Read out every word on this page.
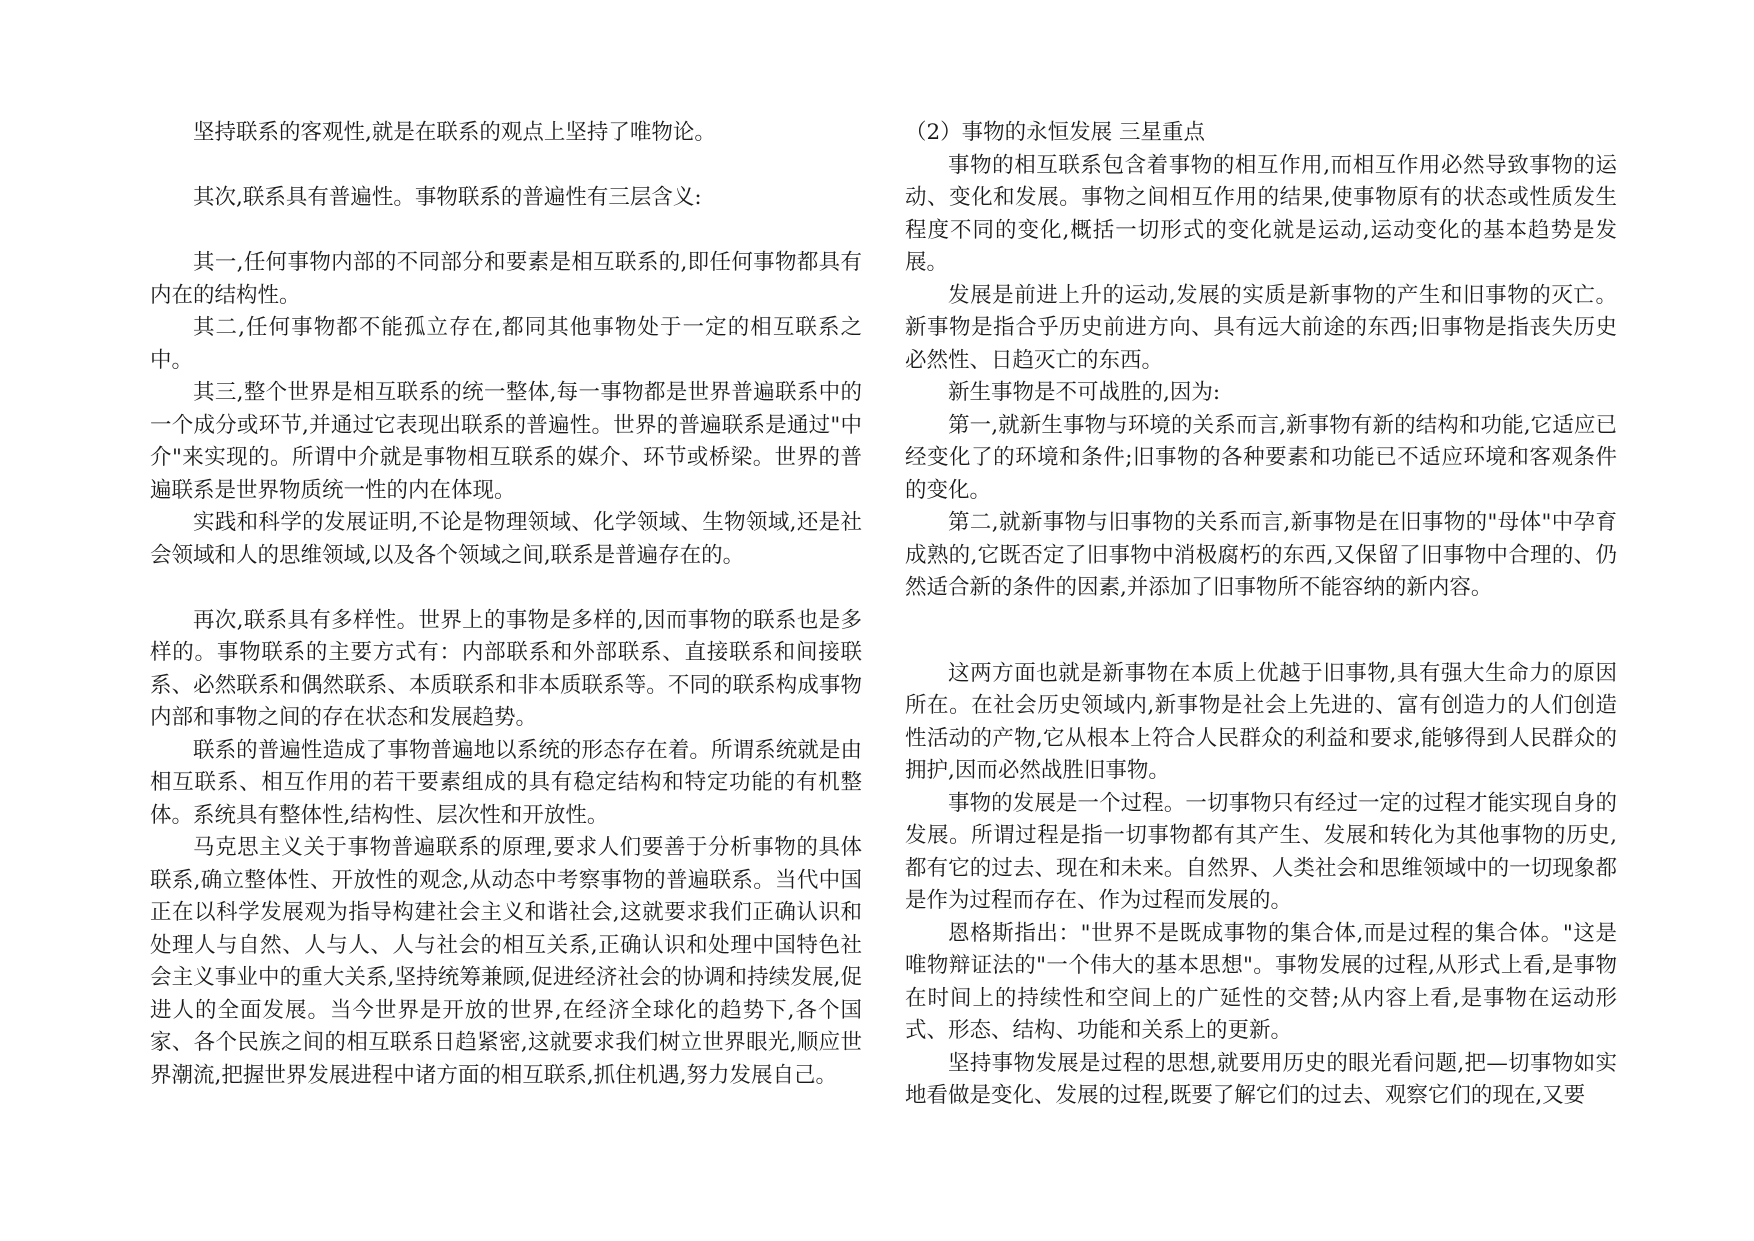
坚持联系的客观性,就是在联系的观点上坚持了唯物论。

其次,联系具有普遍性。事物联系的普遍性有三层含义:

其一,任何事物内部的不同部分和要素是相互联系的,即任何事物都具有内在的结构性。

其二,任何事物都不能孤立存在,都同其他事物处于一定的相互联系之中。

其三,整个世界是相互联系的统一整体,每一事物都是世界普遍联系中的一个成分或环节,并通过它表现出联系的普遍性。世界的普遍联系是通过"中介"来实现的。所谓中介就是事物相互联系的媒介、环节或桥梁。世界的普遍联系是世界物质统一性的内在体现。

实践和科学的发展证明,不论是物理领域、化学领域、生物领域,还是社会领域和人的思维领域,以及各个领域之间,联系是普遍存在的。

再次,联系具有多样性。世界上的事物是多样的,因而事物的联系也是多样的。事物联系的主要方式有：内部联系和外部联系、直接联系和间接联系、必然联系和偶然联系、本质联系和非本质联系等。不同的联系构成事物内部和事物之间的存在状态和发展趋势。

联系的普遍性造成了事物普遍地以系统的形态存在着。所谓系统就是由相互联系、相互作用的若干要素组成的具有稳定结构和特定功能的有机整体。系统具有整体性,结构性、层次性和开放性。

马克思主义关于事物普遍联系的原理,要求人们要善于分析事物的具体联系,确立整体性、开放性的观念,从动态中考察事物的普遍联系。当代中国正在以科学发展观为指导构建社会主义和谐社会,这就要求我们正确认识和处理人与自然、人与人、人与社会的相互关系,正确认识和处理中国特色社会主义事业中的重大关系,坚持统筹兼顾,促进经济社会的协调和持续发展,促进人的全面发展。当今世界是开放的世界,在经济全球化的趋势下,各个国家、各个民族之间的相互联系日趋紧密,这就要求我们树立世界眼光,顺应世界潮流,把握世界发展进程中诸方面的相互联系,抓住机遇,努力发展自己。

（2）事物的永恒发展 三星重点

事物的相互联系包含着事物的相互作用,而相互作用必然导致事物的运动、变化和发展。事物之间相互作用的结果,使事物原有的状态或性质发生程度不同的变化,概括一切形式的变化就是运动,运动变化的基本趋势是发展。

发展是前进上升的运动,发展的实质是新事物的产生和旧事物的灭亡。新事物是指合乎历史前进方向、具有远大前途的东西;旧事物是指丧失历史必然性、日趋灭亡的东西。

新生事物是不可战胜的,因为:

第一,就新生事物与环境的关系而言,新事物有新的结构和功能,它适应已经变化了的环境和条件;旧事物的各种要素和功能已不适应环境和客观条件的变化。

第二,就新事物与旧事物的关系而言,新事物是在旧事物的"母体"中孕育成熟的,它既否定了旧事物中消极腐朽的东西,又保留了旧事物中合理的、仍然适合新的条件的因素,并添加了旧事物所不能容纳的新内容。

这两方面也就是新事物在本质上优越于旧事物,具有强大生命力的原因所在。在社会历史领域内,新事物是社会上先进的、富有创造力的人们创造性活动的产物,它从根本上符合人民群众的利益和要求,能够得到人民群众的拥护,因而必然战胜旧事物。

事物的发展是一个过程。一切事物只有经过一定的过程才能实现自身的发展。所谓过程是指一切事物都有其产生、发展和转化为其他事物的历史,都有它的过去、现在和未来。自然界、人类社会和思维领域中的一切现象都是作为过程而存在、作为过程而发展的。

恩格斯指出："世界不是既成事物的集合体,而是过程的集合体。"这是唯物辩证法的"一个伟大的基本思想"。事物发展的过程,从形式上看,是事物在时间上的持续性和空间上的广延性的交替;从内容上看,是事物在运动形式、形态、结构、功能和关系上的更新。

坚持事物发展是过程的思想,就要用历史的眼光看问题,把—切事物如实地看做是变化、发展的过程,既要了解它们的过去、观察它们的现在,又要
